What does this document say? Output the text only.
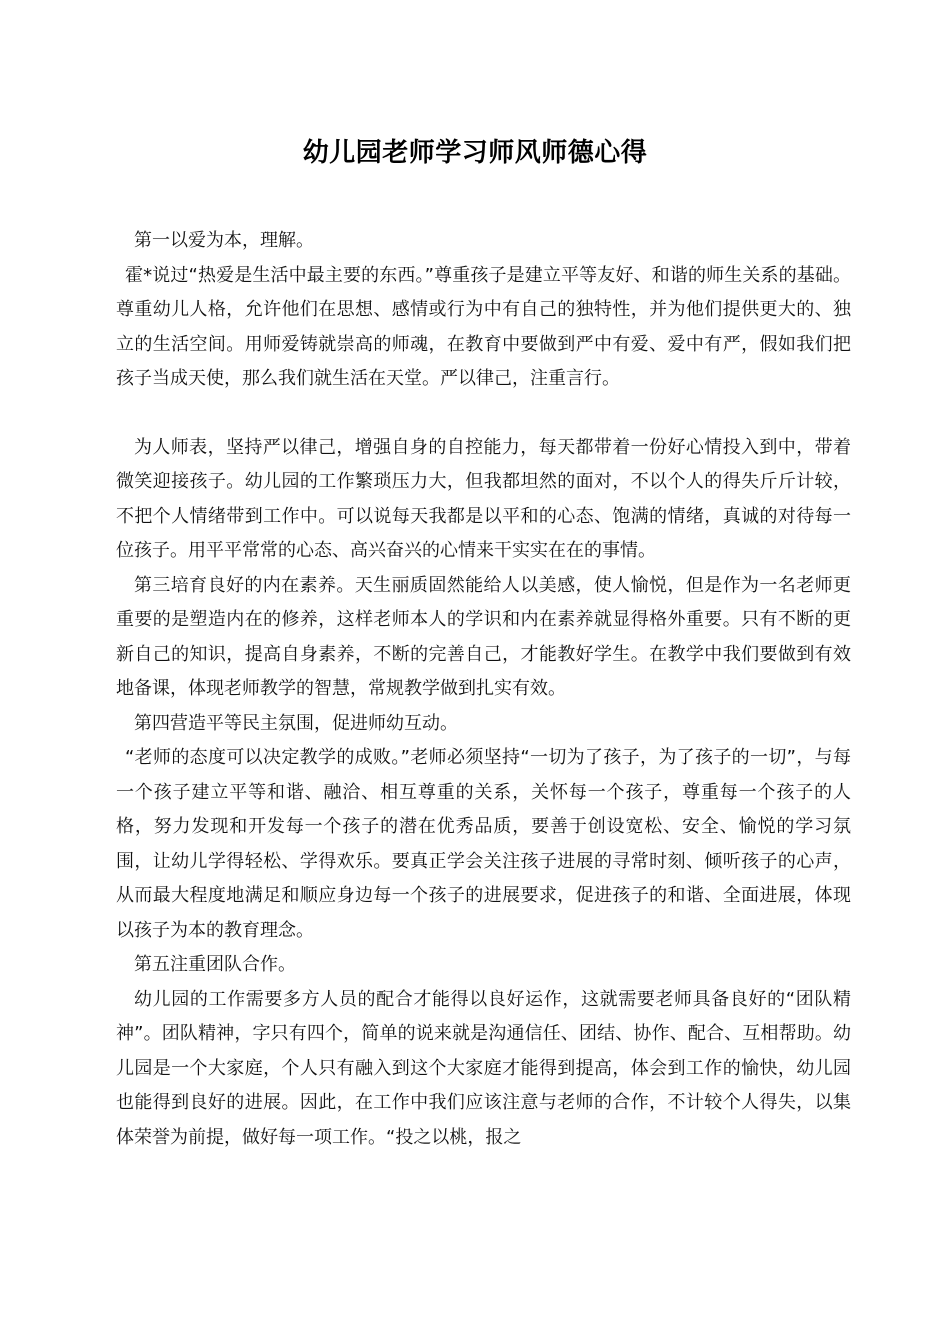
幼儿园老师学习师风师德心得

第一以爱为本，理解。

霍*说过“热爱是生活中最主要的东西。”尊重孩子是建立平等友好、和谐的师生关系的基础。尊重幼儿人格，允许他们在思想、感情或行为中有自己的独特性，并为他们提供更大的、独立的生活空间。用师爱铸就崇高的师魂，在教育中要做到严中有爱、爱中有严，假如我们把孩子当成天使，那么我们就生活在天堂。严以律己，注重言行。

为人师表，坚持严以律己，增强自身的自控能力，每天都带着一份好心情投入到中，带着微笑迎接孩子。幼儿园的工作繁琐压力大，但我都坦然的面对，不以个人的得失斤斤计较，不把个人情绪带到工作中。可以说每天我都是以平和的心态、饱满的情绪，真诚的对待每一位孩子。用平平常常的心态、高兴奋兴的心情来干实实在在的事情。

第三培育良好的内在素养。天生丽质固然能给人以美感，使人愉悦，但是作为一名老师更重要的是塑造内在的修养，这样老师本人的学识和内在素养就显得格外重要。只有不断的更新自己的知识，提高自身素养，不断的完善自己，才能教好学生。在教学中我们要做到有效地备课，体现老师教学的智慧，常规教学做到扎实有效。

第四营造平等民主氛围，促进师幼互动。

“老师的态度可以决定教学的成败。”老师必须坚持“一切为了孩子，为了孩子的一切”，与每一个孩子建立平等和谐、融洽、相互尊重的关系，关怀每一个孩子，尊重每一个孩子的人格，努力发现和开发每一个孩子的潜在优秀品质，要善于创设宽松、安全、愉悦的学习氛围，让幼儿学得轻松、学得欢乐。要真正学会关注孩子进展的寻常时刻、倾听孩子的心声，从而最大程度地满足和顺应身边每一个孩子的进展要求，促进孩子的和谐、全面进展，体现以孩子为本的教育理念。

第五注重团队合作。

幼儿园的工作需要多方人员的配合才能得以良好运作，这就需要老师具备良好的“团队精神”。团队精神，字只有四个，简单的说来就是沟通信任、团结、协作、配合、互相帮助。幼儿园是一个大家庭，个人只有融入到这个大家庭才能得到提高，体会到工作的愉快，幼儿园也能得到良好的进展。因此，在工作中我们应该注意与老师的合作，不计较个人得失，以集体荣誉为前提，做好每一项工作。“投之以桃，报之
